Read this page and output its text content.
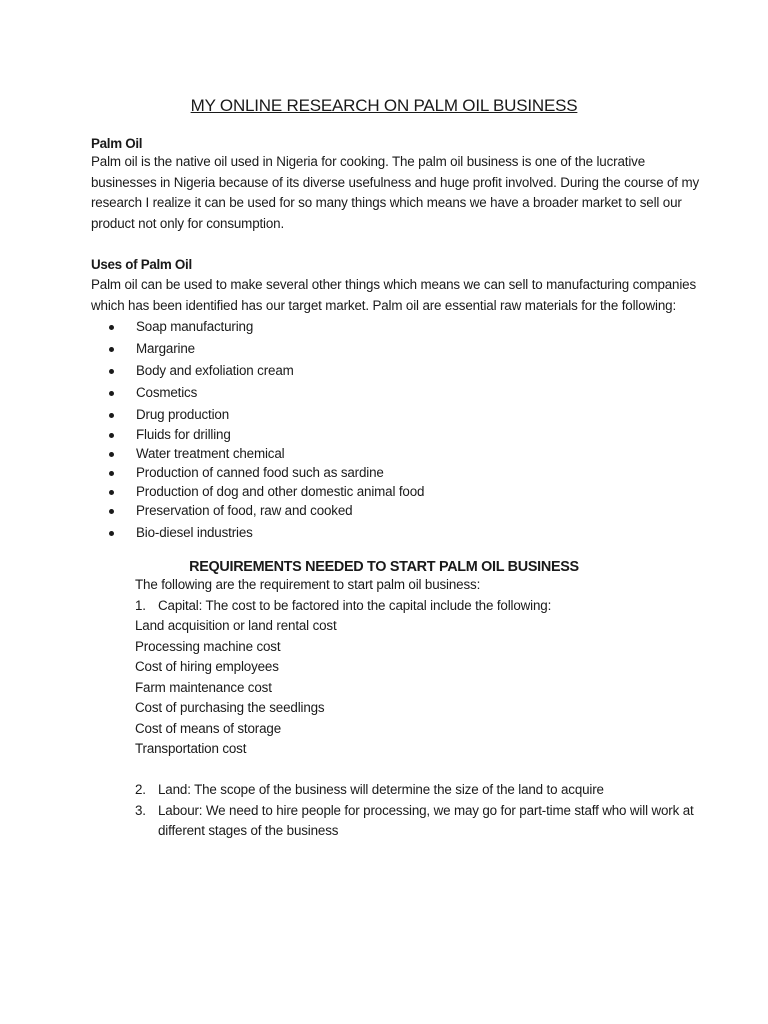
MY ONLINE RESEARCH ON PALM OIL BUSINESS
Palm Oil

Palm oil is the native oil used in Nigeria for cooking. The palm oil business is one of the lucrative
businesses in Nigeria because of its diverse usefulness and huge profit involved. During the course of my
research I realize it can be used for so many things which means we have a broader market to sell our
product not only for consumption.

Uses of Palm Oil

Palm oil can be used to make several other things which means we can sell to manufacturing companies
which has been identified has our target market. Palm oil are essential raw materials for the following:

Soap manufacturing
Margarine
Body and exfoliation cream
Cosmetics
Drug production
Fluids for drilling
Water treatment chemical
Production of canned food such as sardine
Production of dog and other domestic animal food
Preservation of food, raw and cooked
Bio-diesel industries
REQUIREMENTS NEEDED TO START PALM OIL BUSINESS
The following are the requirement to start palm oil business:
1. Capital: The cost to be factored into the capital include the following:
Land acquisition or land rental cost
Processing machine cost
Cost of hiring employees
Farm maintenance cost
Cost of purchasing the seedlings
Cost of means of storage
Transportation cost
2. Land: The scope of the business will determine the size of the land to acquire
3. Labour: We need to hire people for processing, we may go for part-time staff who will work at
different stages of the business
